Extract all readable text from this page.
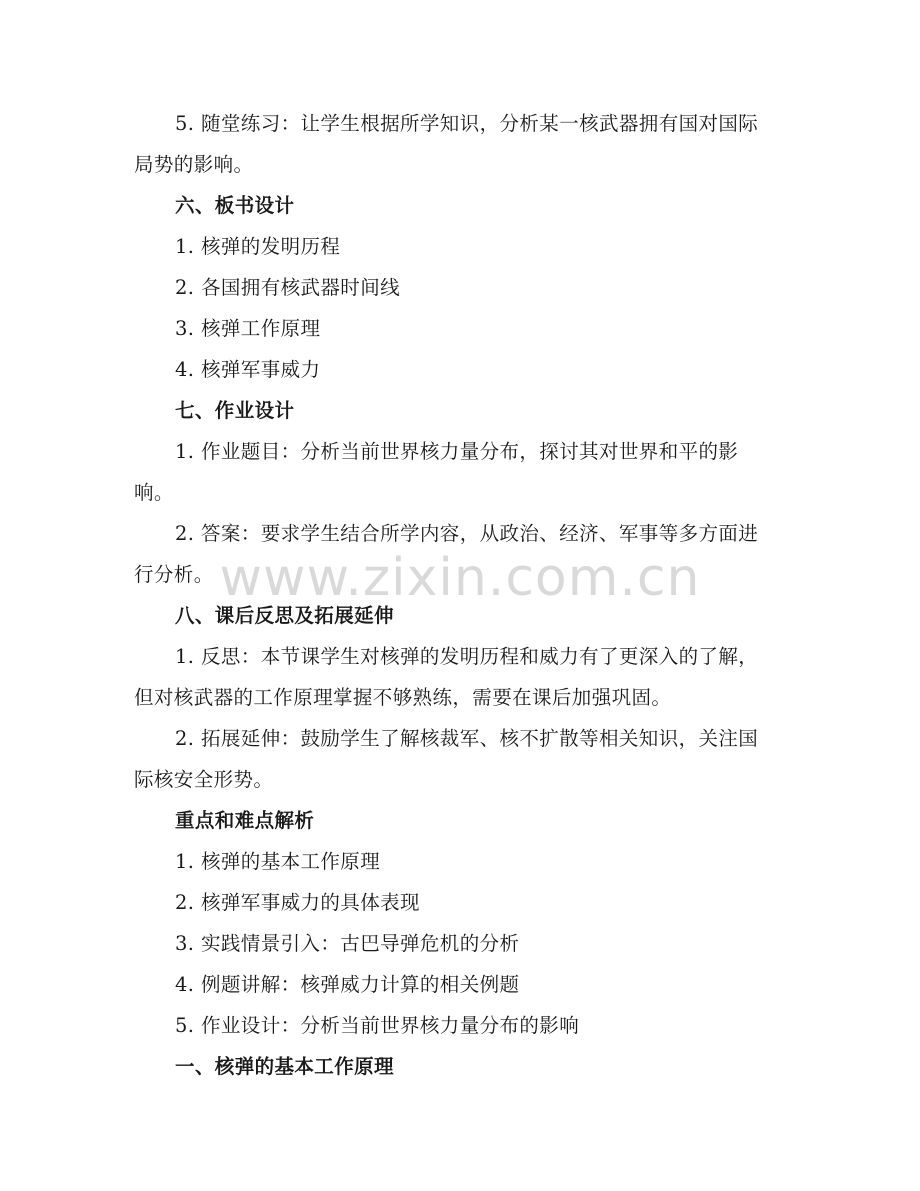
5. 随堂练习：让学生根据所学知识，分析某一核武器拥有国对国际局势的影响。

六、板书设计

1. 核弹的发明历程

2. 各国拥有核武器时间线

3. 核弹工作原理

4. 核弹军事威力

七、作业设计

1. 作业题目：分析当前世界核力量分布，探讨其对世界和平的影响。

2. 答案：要求学生结合所学内容，从政治、经济、军事等多方面进行分析。

八、课后反思及拓展延伸

1. 反思：本节课学生对核弹的发明历程和威力有了更深入的了解，但对核武器的工作原理掌握不够熟练，需要在课后加强巩固。

2. 拓展延伸：鼓励学生了解核裁军、核不扩散等相关知识，关注国际核安全形势。

重点和难点解析

1. 核弹的基本工作原理

2. 核弹军事威力的具体表现

3. 实践情景引入：古巴导弹危机的分析

4. 例题讲解：核弹威力计算的相关例题

5. 作业设计：分析当前世界核力量分布的影响

一、核弹的基本工作原理

www.zixin.com.cn
